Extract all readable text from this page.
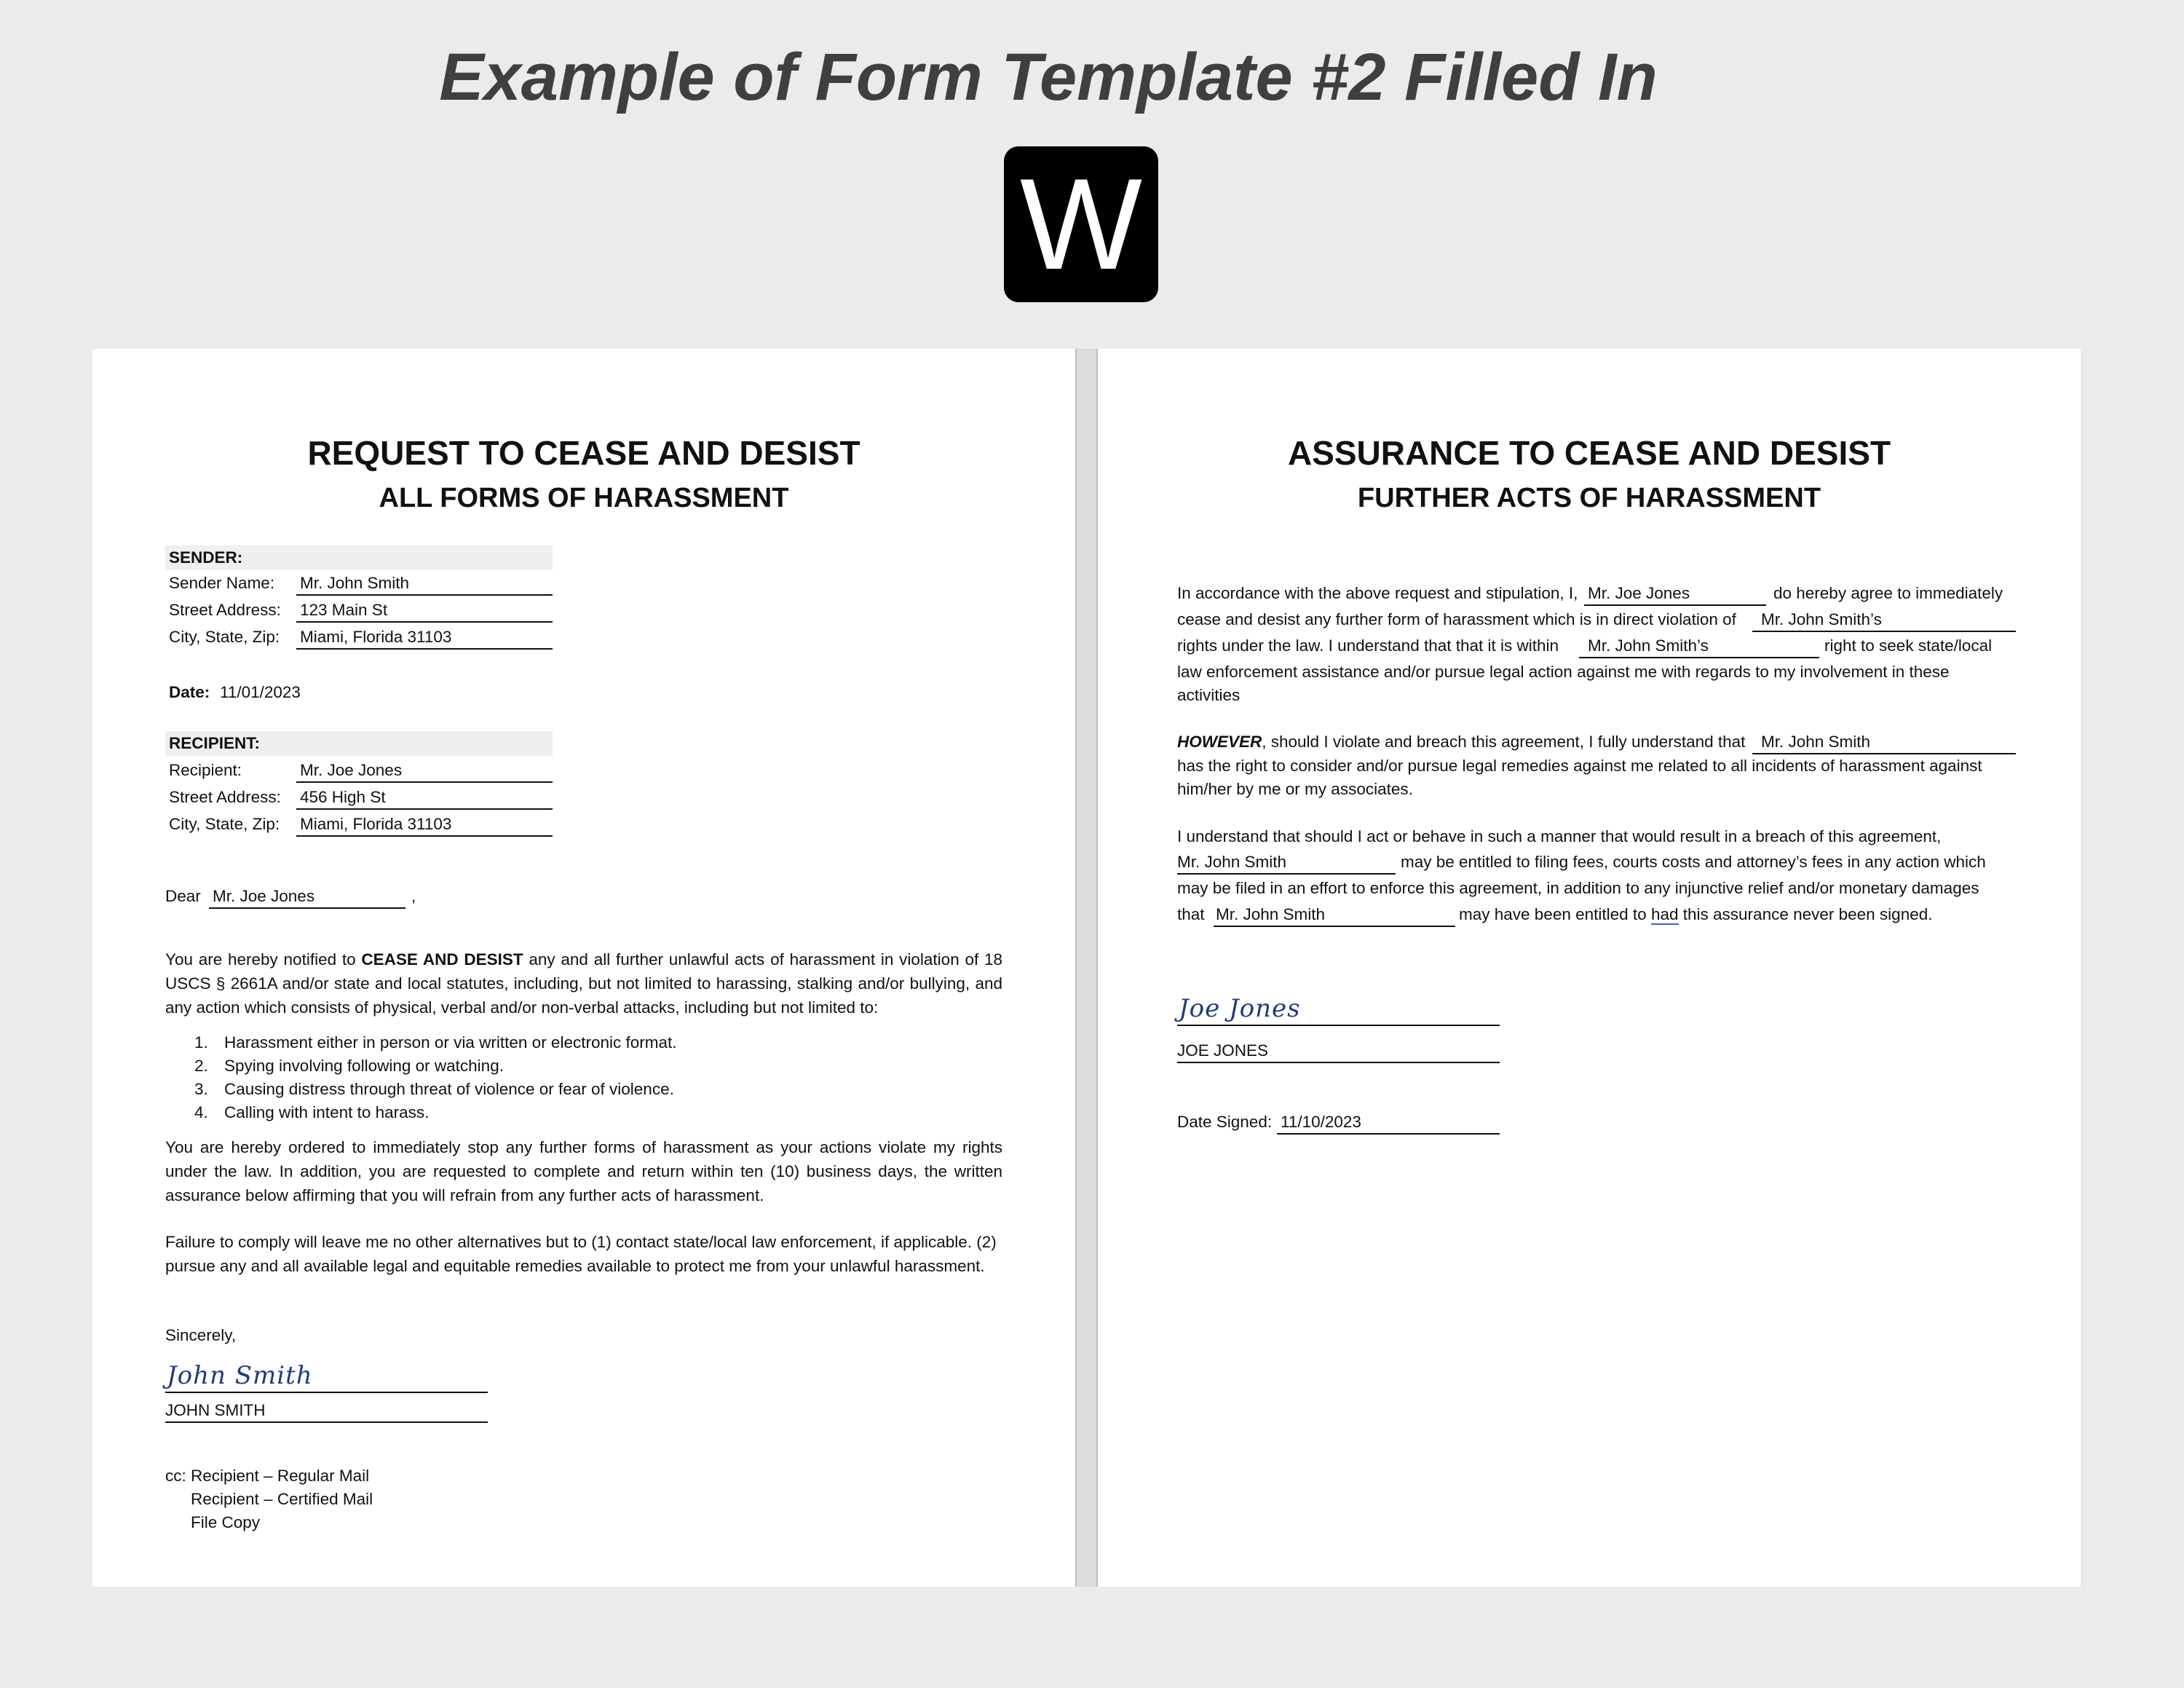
Example of Form Template #2 Filled In
W
REQUEST TO CEASE AND DESIST
ALL FORMS OF HARASSMENT
SENDER:
Sender Name: Mr. John Smith
Street Address: 123 Main St
City, State, Zip: Miami, Florida 31103
Date: 11/01/2023
RECIPIENT:
Recipient:	Mr. Joe Jones
Street Address: 456 High St
City, State, Zip: Miami, Florida 31103
Dear Mr. Joe Jones	,
You are hereby notified to CEASE AND DESIST any and all further unlawful acts of harassment in violation of 18 USCS § 2661A and/or state and local statutes, including, but not limited to harassing, stalking and/or bullying, and any action which consists of physical, verbal and/or non-verbal attacks, including but not limited to:
1. Harassment either in person or via written or electronic format.
2. Spying involving following or watching.
3. Causing distress through threat of violence or fear of violence.
4. Calling with intent to harass.
You are hereby ordered to immediately stop any further forms of harassment as your actions violate my rights under the law. In addition, you are requested to complete and return within ten (10) business days, the written assurance below affirming that you will refrain from any further acts of harassment.
Failure to comply will leave me no other alternatives but to (1) contact state/local law enforcement, if applicable. (2) pursue any and all available legal and equitable remedies available to protect me from your unlawful harassment.
Sincerely,
John Smith
JOHN SMITH
cc: Recipient – Regular Mail
Recipient – Certified Mail
File Copy
ASSURANCE TO CEASE AND DESIST
FURTHER ACTS OF HARASSMENT
In accordance with the above request and stipulation, I, Mr. Joe Jones	do hereby agree to immediately
cease and desist any further form of harassment which is in direct violation of	Mr. John Smith’s
rights under the law. I understand that that it is within	Mr. John Smith’s	right to seek state/local
law enforcement assistance and/or pursue legal action against me with regards to my involvement in these
activities
HOWEVER, should I violate and breach this agreement, I fully understand that Mr. John Smith
has the right to consider and/or pursue legal remedies against me related to all incidents of harassment against
him/her by me or my associates.
I understand that should I act or behave in such a manner that would result in a breach of this agreement,
Mr. John Smith	may be entitled to filing fees, courts costs and attorney’s fees in any action which
may be filed in an effort to enforce this agreement, in addition to any injunctive relief and/or monetary damages
that Mr. John Smith	may have been entitled to had this assurance never been signed.
Joe Jones
JOE JONES
Date Signed: 11/10/2023
